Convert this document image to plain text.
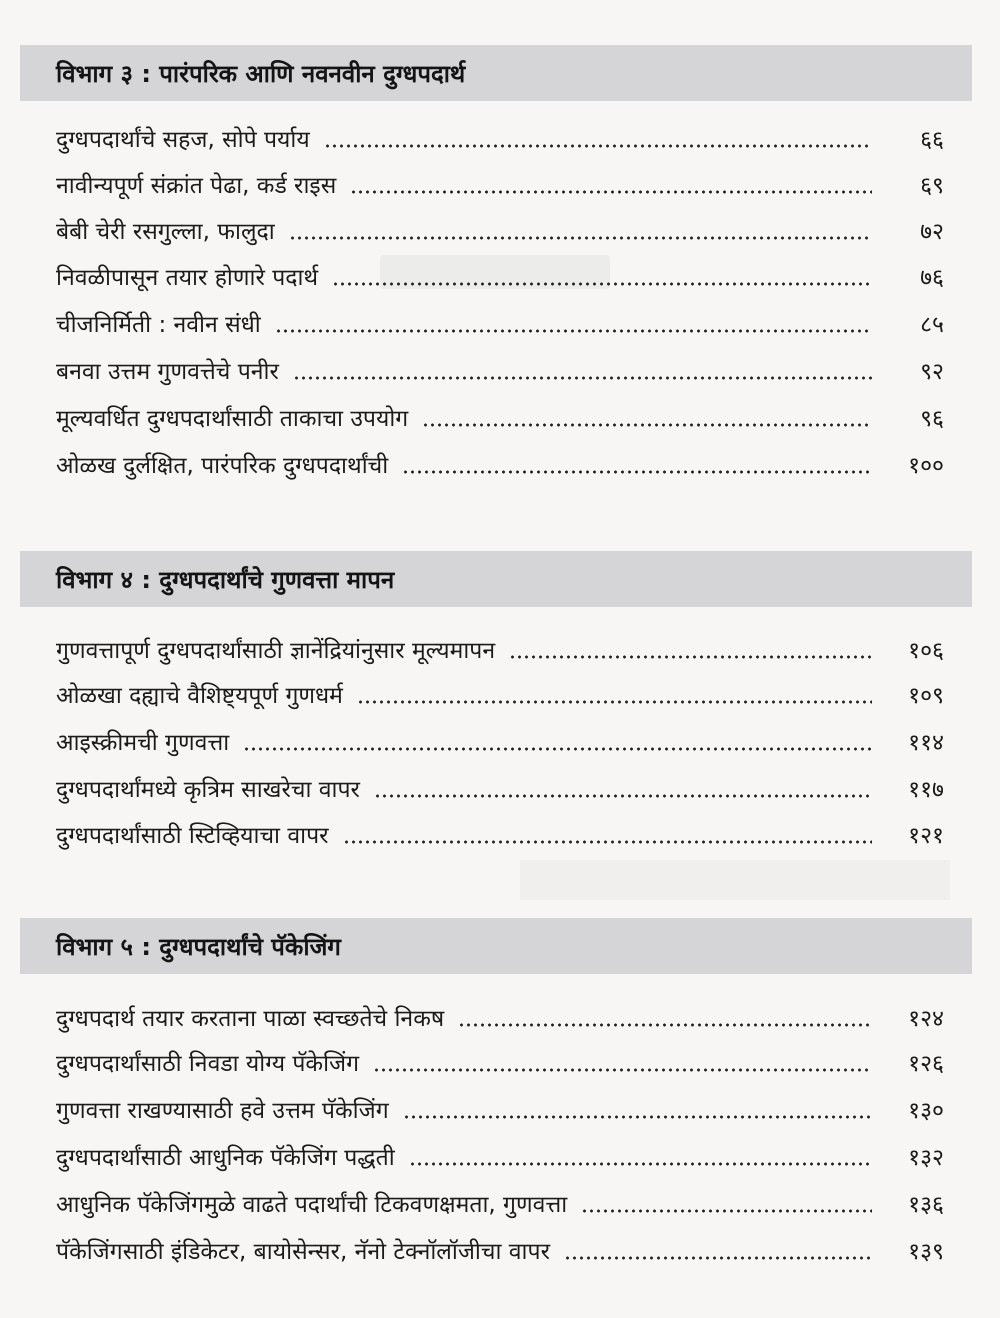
विभाग ३ : पारंपरिक आणि नवनवीन दुग्धपदार्थ
दुग्धपदार्थांचे सहज, सोपे पर्याय	६६
नावीन्यपूर्ण संक्रांत पेढा, कर्ड राइस	६९
बेबी चेरी रसगुल्ला, फालुदा	७२
निवळीपासून तयार होणारे पदार्थ	७६
चीजनिर्मिती : नवीन संधी	८५
बनवा उत्तम गुणवत्तेचे पनीर	९२
मूल्यवर्धित दुग्धपदार्थांसाठी ताकाचा उपयोग	९६
ओळख दुर्लक्षित, पारंपरिक दुग्धपदार्थांची	१००
विभाग ४ : दुग्धपदार्थांचे गुणवत्ता मापन
गुणवत्तापूर्ण दुग्धपदार्थांसाठी ज्ञानेंद्रियांनुसार मूल्यमापन	१०६
ओळखा दह्याचे वैशिष्ट्यपूर्ण गुणधर्म	१०९
आइस्क्रीमची गुणवत्ता	११४
दुग्धपदार्थांमध्ये कृत्रिम साखरेचा वापर	११७
दुग्धपदार्थांसाठी स्टिव्हियाचा वापर	१२१
विभाग ५ : दुग्धपदार्थांचे पॅकेजिंग
दुग्धपदार्थ तयार करताना पाळा स्वच्छतेचे निकष	१२४
दुग्धपदार्थांसाठी निवडा योग्य पॅकेजिंग	१२६
गुणवत्ता राखण्यासाठी हवे उत्तम पॅकेजिंग	१३०
दुग्धपदार्थांसाठी आधुनिक पॅकेजिंग पद्धती	१३२
आधुनिक पॅकेजिंगमुळे वाढते पदार्थांची टिकवणक्षमता, गुणवत्ता	१३६
पॅकेजिंगसाठी इंडिकेटर, बायोसेन्सर, नॅनो टेक्नॉलॉजीचा वापर	१३९
